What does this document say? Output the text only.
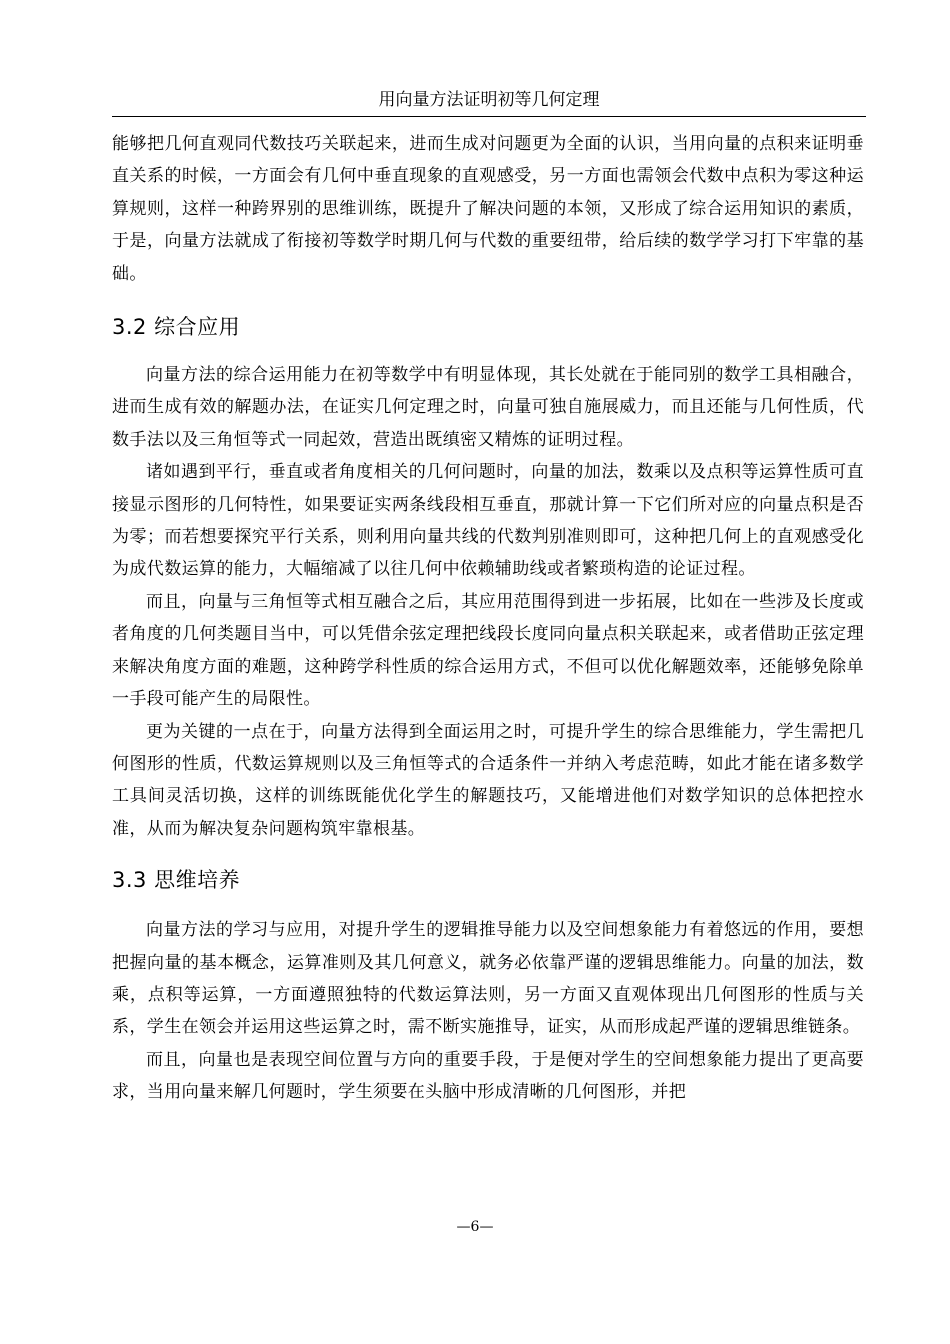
用向量方法证明初等几何定理

能够把几何直观同代数技巧关联起来，进而生成对问题更为全面的认识，当用向量的点积来证明垂直关系的时候，一方面会有几何中垂直现象的直观感受，另一方面也需领会代数中点积为零这种运算规则，这样一种跨界别的思维训练，既提升了解决问题的本领，又形成了综合运用知识的素质，于是，向量方法就成了衔接初等数学时期几何与代数的重要纽带，给后续的数学学习打下牢靠的基础。

3.2 综合应用

向量方法的综合运用能力在初等数学中有明显体现，其长处就在于能同别的数学工具相融合，进而生成有效的解题办法，在证实几何定理之时，向量可独自施展威力，而且还能与几何性质，代数手法以及三角恒等式一同起效，营造出既缜密又精炼的证明过程。

诸如遇到平行，垂直或者角度相关的几何问题时，向量的加法，数乘以及点积等运算性质可直接显示图形的几何特性，如果要证实两条线段相互垂直，那就计算一下它们所对应的向量点积是否为零；而若想要探究平行关系，则利用向量共线的代数判别准则即可，这种把几何上的直观感受化为成代数运算的能力，大幅缩减了以往几何中依赖辅助线或者繁琐构造的论证过程。

而且，向量与三角恒等式相互融合之后，其应用范围得到进一步拓展，比如在一些涉及长度或者角度的几何类题目当中，可以凭借余弦定理把线段长度同向量点积关联起来，或者借助正弦定理来解决角度方面的难题，这种跨学科性质的综合运用方式，不但可以优化解题效率，还能够免除单一手段可能产生的局限性。

更为关键的一点在于，向量方法得到全面运用之时，可提升学生的综合思维能力，学生需把几何图形的性质，代数运算规则以及三角恒等式的合适条件一并纳入考虑范畴，如此才能在诸多数学工具间灵活切换，这样的训练既能优化学生的解题技巧，又能增进他们对数学知识的总体把控水准，从而为解决复杂问题构筑牢靠根基。

3.3 思维培养

向量方法的学习与应用，对提升学生的逻辑推导能力以及空间想象能力有着悠远的作用，要想把握向量的基本概念，运算准则及其几何意义，就务必依靠严谨的逻辑思维能力。向量的加法，数乘，点积等运算，一方面遵照独特的代数运算法则，另一方面又直观体现出几何图形的性质与关系，学生在领会并运用这些运算之时，需不断实施推导，证实，从而形成起严谨的逻辑思维链条。

而且，向量也是表现空间位置与方向的重要手段，于是便对学生的空间想象能力提出了更高要求，当用向量来解几何题时，学生须要在头脑中形成清晰的几何图形，并把

—6—
